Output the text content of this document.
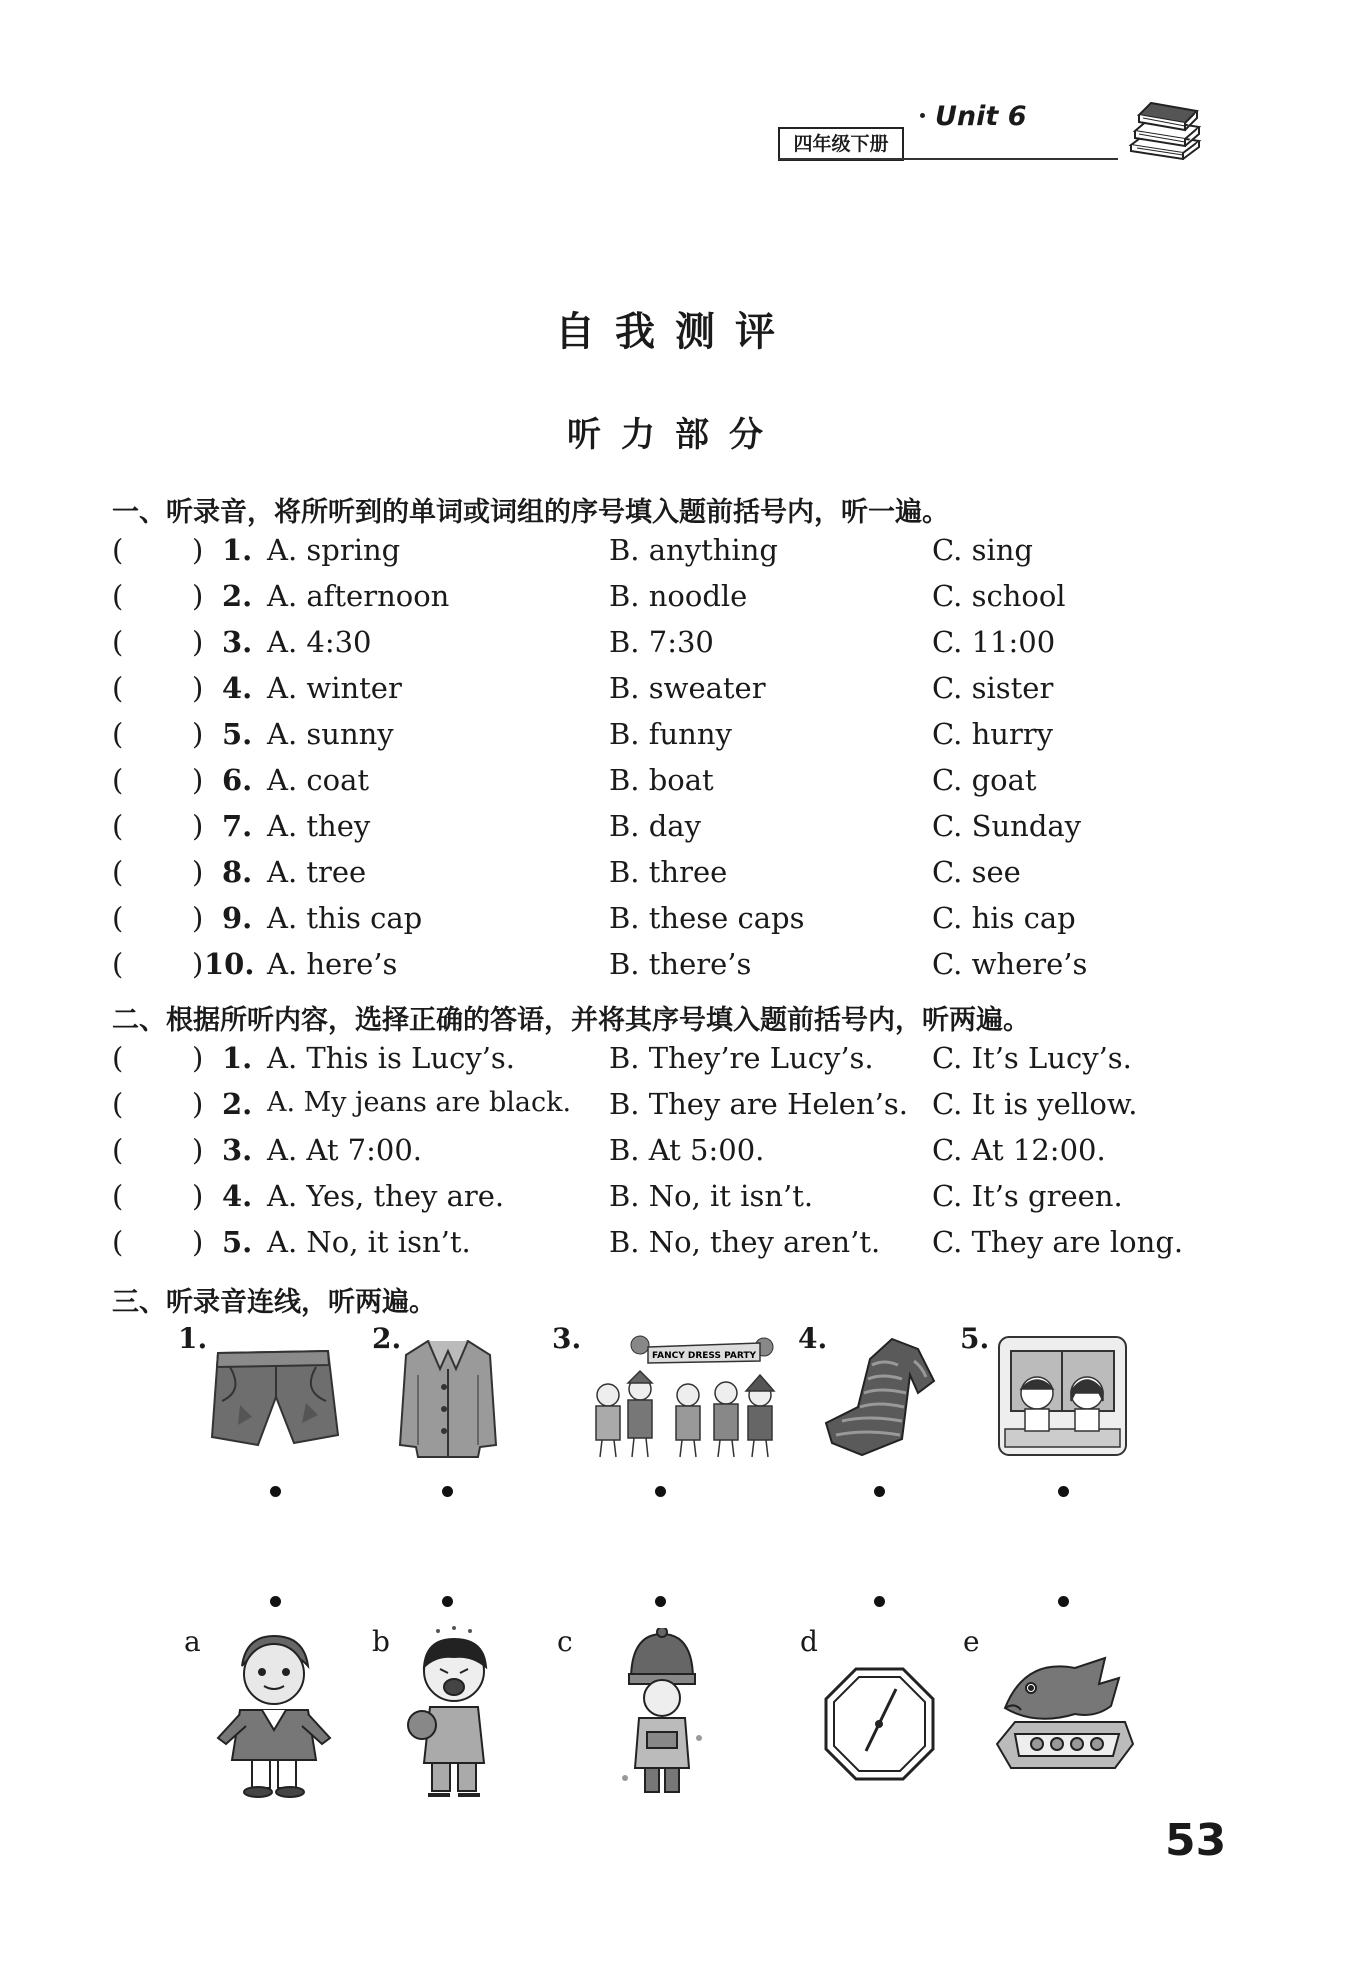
四年级下册
Unit 6
自我测评
听力部分
一、听录音，将所听到的单词或词组的序号填入题前括号内，听一遍。
( ) 1. A. spring	B. anything	C. sing
( ) 2. A. afternoon	B. noodle	C. school
( ) 3. A. 4:30	B. 7:30	C. 11:00
( ) 4. A. winter	B. sweater	C. sister
( ) 5. A. sunny	B. funny	C. hurry
( ) 6. A. coat	B. boat	C. goat
( ) 7. A. they	B. day	C. Sunday
( ) 8. A. tree	B. three	C. see
( ) 9. A. this cap	B. these caps	C. his cap
( ) 10. A. here’s	B. there’s	C. where’s
二、根据所听内容，选择正确的答语，并将其序号填入题前括号内，听两遍。
( ) 1. A. This is Lucy’s.	B. They’re Lucy’s. C. It’s Lucy’s.
( ) 2. A. My jeans are black. B. They are Helen’s. C. It is yellow.
( ) 3. A. At 7:00.	B. At 5:00.	C. At 12:00.
( ) 4. A. Yes, they are.	B. No, it isn’t.	C. It’s green.
( ) 5. A. No, it isn’t.	B. No, they aren’t. C. They are long.
三、听录音连线，听两遍。
1.	2.	3.	4.	5.
FANCY DRESS PARTY
a	b	c	d	e
53
